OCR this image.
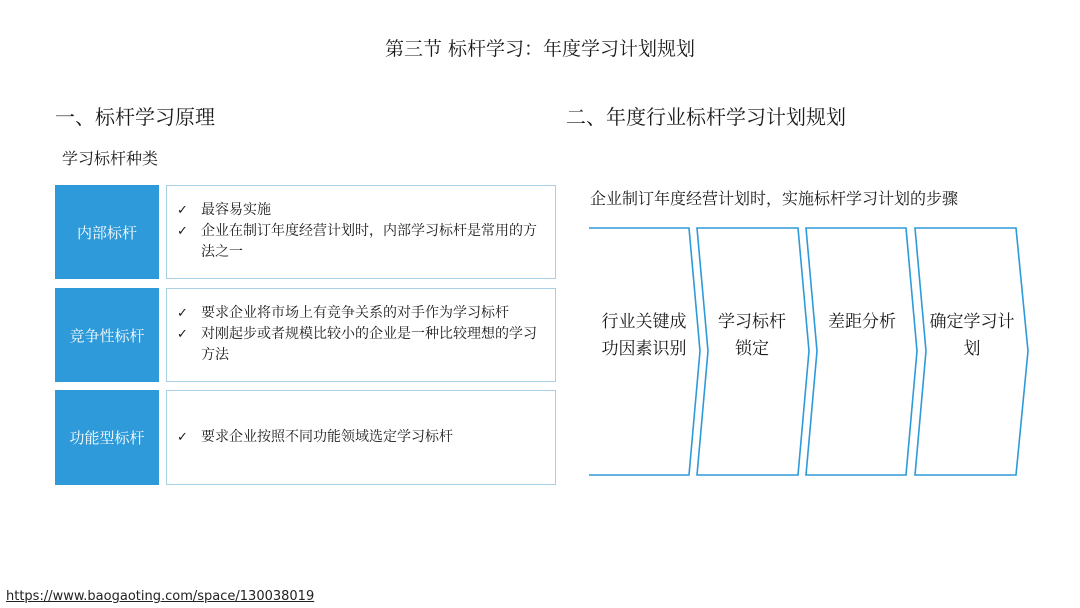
第三节 标杆学习：年度学习计划规划
一、标杆学习原理
学习标杆种类
内部标杆
✓ 最容易实施
✓ 企业在制订年度经营计划时，内部学习标杆是常用的方法之一
竞争性标杆
✓ 要求企业将市场上有竞争关系的对手作为学习标杆
✓ 对刚起步或者规模比较小的企业是一种比较理想的学习方法
功能型标杆	✓ 要求企业按照不同功能领域选定学习标杆
二、年度行业标杆学习计划规划
企业制订年度经营计划时，实施标杆学习计划的步骤
行业关键成
功因素识别
学习标杆
锁定
差距分析	确定学习计
划
https://www.baogaoting.com/space/130038019
